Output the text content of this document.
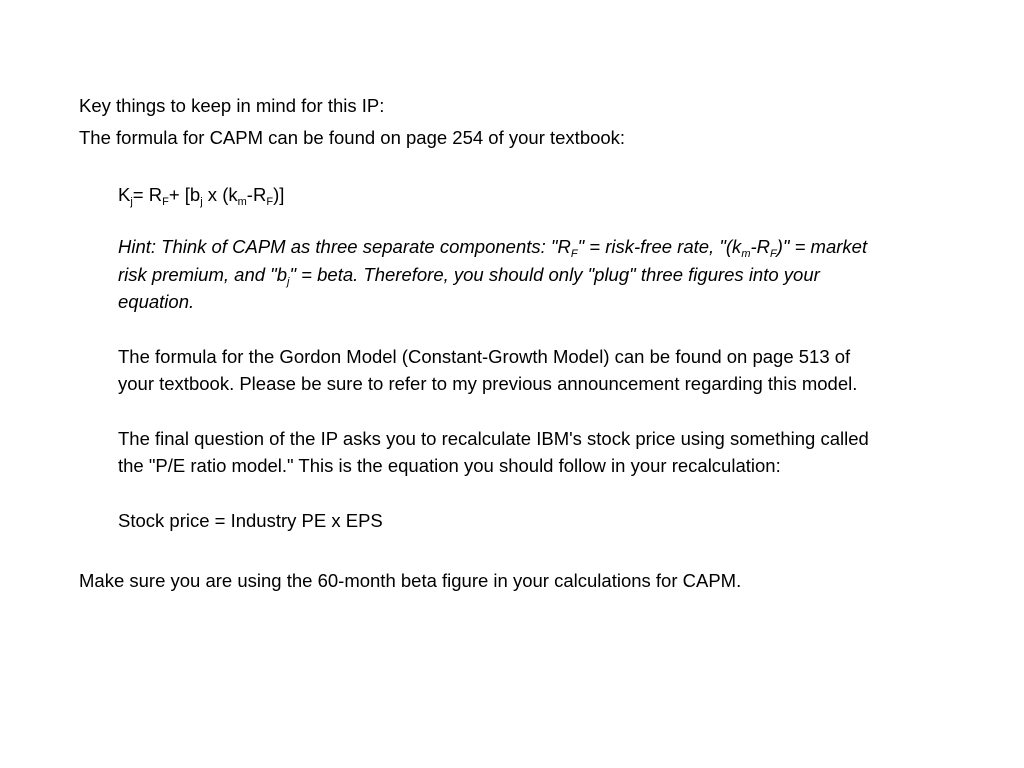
Key things to keep in mind for this IP:

The formula for CAPM can be found on page 254 of your textbook:

$K_j= R_F+ [b_j$ x $(k_m-R_F)$]

Hint: Think of CAPM as three separate components: "$R_F$" = risk-free rate, "$(k_m-R_F)$" = market

risk premium, and "$b_j$" = beta. Therefore, you should only "plug" three figures into your

equation.

The formula for the Gordon Model (Constant-Growth Model) can be found on page 513 of

your textbook. Please be sure to refer to my previous announcement regarding this model.

The final question of the IP asks you to recalculate IBM's stock price using something called

the "P/E ratio model." This is the equation you should follow in your recalculation:

Stock price = Industry PE x EPS

Make sure you are using the 60-month beta figure in your calculations for CAPM.
